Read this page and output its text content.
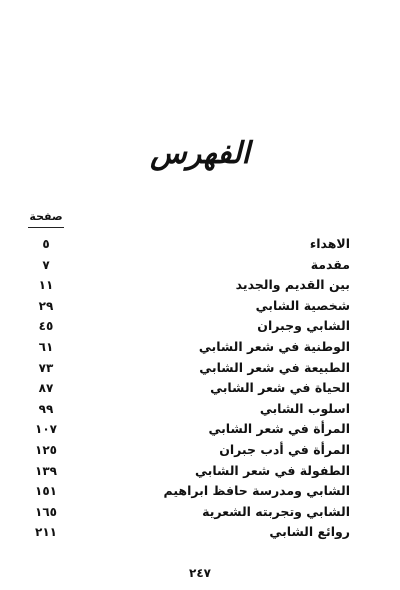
الفهرس
صفحة
الاهداء
٥
مقدمة
٧
بين القديم والجديد
١١
شخصية الشابي
٢٩
الشابي وجبران
٤٥
الوطنية في شعر الشابي
٦١
الطبيعة في شعر الشابي
٧٣
الحياة في شعر الشابي
٨٧
اسلوب الشابي
٩٩
المرأة في شعر الشابي
١٠٧
المرأة في أدب جبران
١٢٥
الطفولة في شعر الشابي
١٣٩
الشابي ومدرسة حافظ ابراهيم
١٥١
الشابي وتجربته الشعرية
١٦٥
روائع الشابي
٢١١
٢٤٧
